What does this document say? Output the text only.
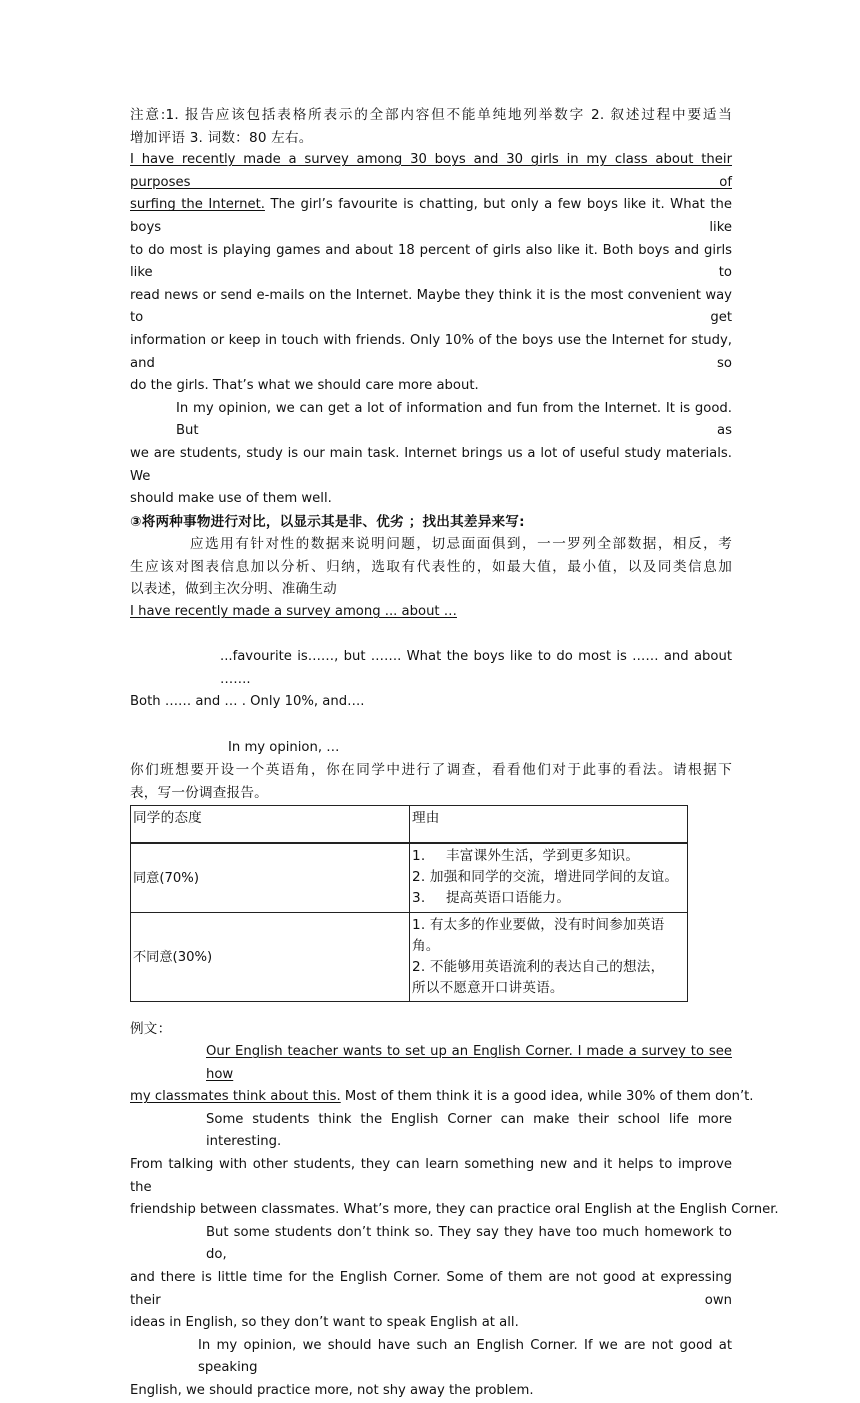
注意:1. 报告应该包括表格所表示的全部内容但不能单纯地列举数字 2. 叙述过程中要适当
增加评语 3. 词数：80 左右。
I have recently made a survey among 30 boys and 30 girls in my class about their purposes of
surfing the Internet. The girl’s favourite is chatting, but only a few boys like it. What the boys like
to do most is playing games and about 18 percent of girls also like it. Both boys and girls like to
read news or send e-mails on the Internet. Maybe they think it is the most convenient way to get
information or keep in touch with friends. Only 10% of the boys use the Internet for study, and so
do the girls. That’s what we should care more about.
In my opinion, we can get a lot of information and fun from the Internet. It is good. But as
we are students, study is our main task. Internet brings us a lot of useful study materials. We
should make use of them well.
③将两种事物进行对比，以显示其是非、优劣 ；找出其差异来写:
应选用有针对性的数据来说明问题，切忌面面俱到，一一罗列全部数据，相反，考
生应该对图表信息加以分析、归纳，选取有代表性的，如最大值，最小值，以及同类信息加
以表述，做到主次分明、准确生动
I have recently made a survey among ... about …
...favourite is……, but ……. What the boys like to do most is …… and about …….
Both …… and … . Only 10%, and….
In my opinion, …
你们班想要开设一个英语角，你在同学中进行了调查，看看他们对于此事的看法。请根据下
表，写一份调查报告。
同学的态度	理由
同意(70%)	1. 丰富课外生活，学到更多知识。
2. 加强和同学的交流，增进同学间的友谊。
3. 提高英语口语能力。

不同意(30%)	1. 有太多的作业要做，没有时间参加英语
角。
2. 不能够用英语流利的表达自己的想法，
所以不愿意开口讲英语。
例文：
Our English teacher wants to set up an English Corner. I made a survey to see how
my classmates think about this. Most of them think it is a good idea, while 30% of them don’t.
Some students think the English Corner can make their school life more interesting.
From talking with other students, they can learn something new and it helps to improve the
friendship between classmates. What’s more, they can practice oral English at the English Corner.
But some students don’t think so. They say they have too much homework to do,
and there is little time for the English Corner. Some of them are not good at expressing their own
ideas in English, so they don’t want to speak English at all.
In my opinion, we should have such an English Corner. If we are not good at speaking
English, we should practice more, not shy away the problem.
